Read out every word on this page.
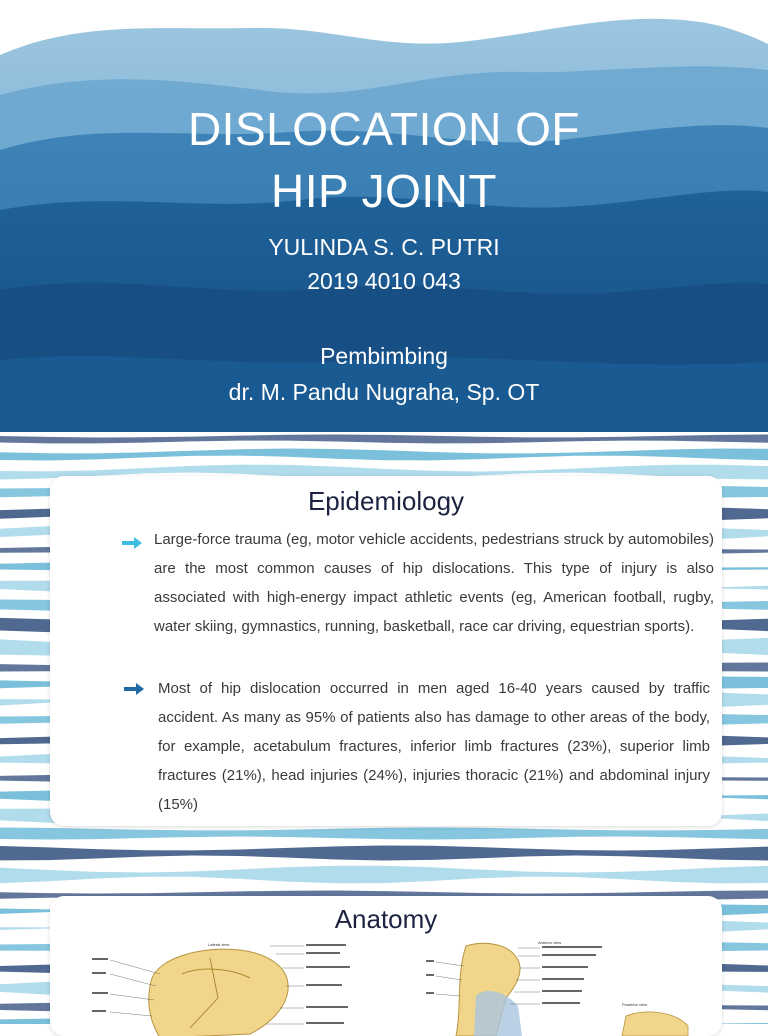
DISLOCATION OF
HIP JOINT
YULINDA S. C. PUTRI
2019 4010 043
Pembimbing
dr. M. Pandu Nugraha, Sp. OT
Epidemiology
Large-force trauma (eg, motor vehicle accidents, pedestrians struck by automobiles) are the most common causes of hip dislocations. This type of injury is also associated with high-energy impact athletic events (eg, American football, rugby, water skiing, gymnastics, running, basketball, race car driving, equestrian sports).
Most of hip dislocation occurred in men aged 16-40 years caused by traffic accident. As many as 95% of patients also has damage to other areas of the body, for example, acetabulum fractures, inferior limb fractures (23%), superior limb fractures (21%), head injuries (24%), injuries thoracic (21%) and abdominal injury (15%)
Anatomy
Lateral view	Anterior view
Posterior view
